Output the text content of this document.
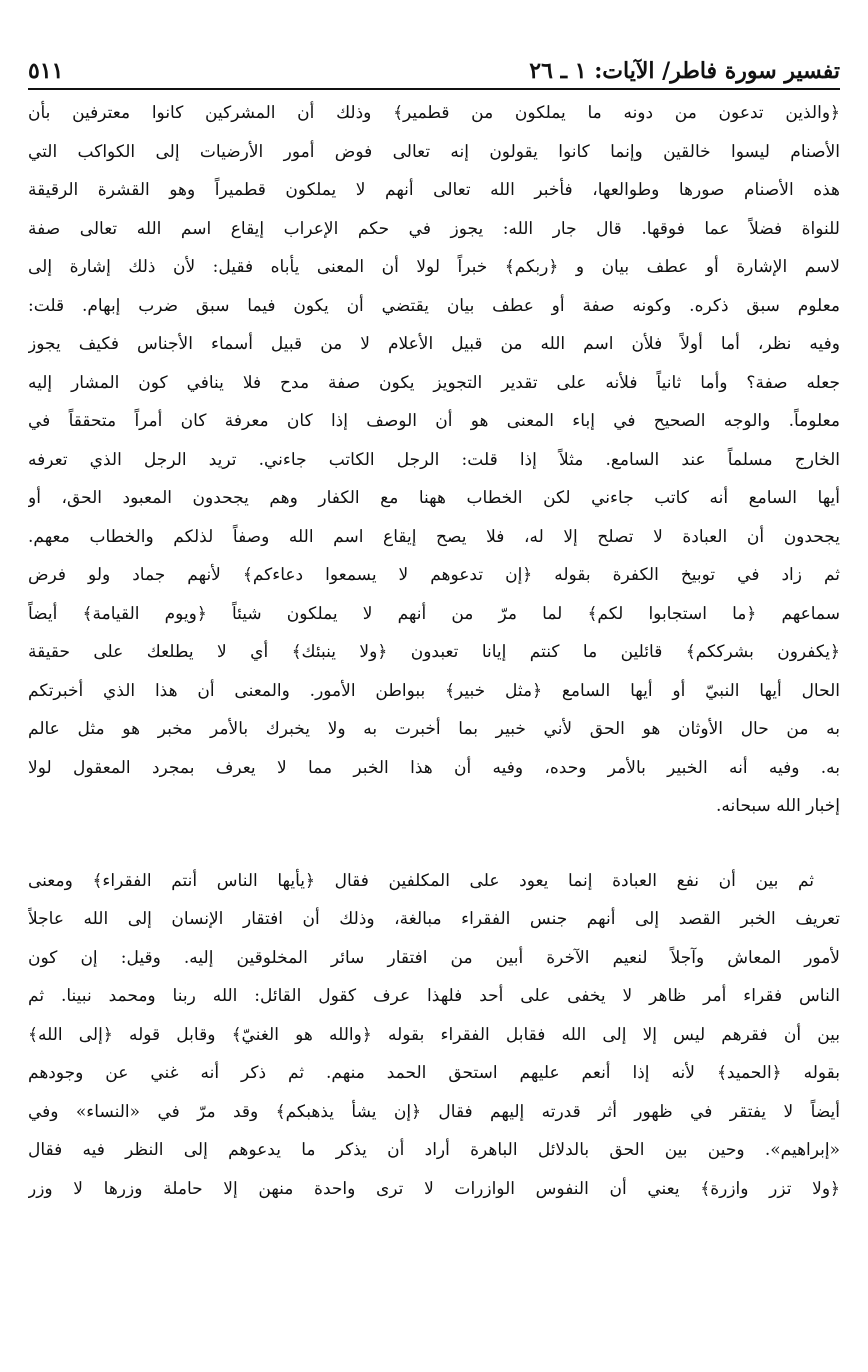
تفسير سورة فاطر/ الآيات: ١ ـ ٢٦
٥١١
﴿والذين تدعون من دونه ما يملكون من قطمير﴾ وذلك أن المشركين كانوا معترفين بأن
الأصنام ليسوا خالقين وإنما كانوا يقولون إنه تعالى فوض أمور الأرضيات إلى الكواكب التي
هذه الأصنام صورها وطوالعها، فأخبر الله تعالى أنهم لا يملكون قطميراً وهو القشرة الرقيقة
للنواة فضلاً عما فوقها. قال جار الله: يجوز في حكم الإعراب إيقاع اسم الله تعالى صفة
لاسم الإشارة أو عطف بيان و ﴿ربكم﴾ خبراً لولا أن المعنى يأباه فقيل: لأن ذلك إشارة إلى
معلوم سبق ذكره. وكونه صفة أو عطف بيان يقتضي أن يكون فيما سبق ضرب إبهام. قلت:
وفيه نظر، أما أولاً فلأن اسم الله من قبيل الأعلام لا من قبيل أسماء الأجناس فكيف يجوز
جعله صفة؟ وأما ثانياً فلأنه على تقدير التجويز يكون صفة مدح فلا ينافي كون المشار إليه
معلوماً. والوجه الصحيح في إباء المعنى هو أن الوصف إذا كان معرفة كان أمراً متحققاً في
الخارج مسلماً عند السامع. مثلاً إذا قلت: الرجل الكاتب جاءني. تريد الرجل الذي تعرفه
أيها السامع أنه كاتب جاءني لكن الخطاب ههنا مع الكفار وهم يجحدون المعبود الحق، أو
يجحدون أن العبادة لا تصلح إلا له، فلا يصح إيقاع اسم الله وصفاً لذلكم والخطاب معهم.
ثم زاد في توبيخ الكفرة بقوله ﴿إن تدعوهم لا يسمعوا دعاءكم﴾ لأنهم جماد ولو فرض
سماعهم ﴿ما استجابوا لكم﴾ لما مرّ من أنهم لا يملكون شيئاً ﴿ويوم القيامة﴾ أيضاً
﴿يكفرون بشرككم﴾ قائلين ما كنتم إيانا تعبدون ﴿ولا ينبئك﴾ أي لا يطلعك على حقيقة
الحال أيها النبيّ أو أيها السامع ﴿مثل خبير﴾ ببواطن الأمور. والمعنى أن هذا الذي أخبرتكم
به من حال الأوثان هو الحق لأني خبير بما أخبرت به ولا يخبرك بالأمر مخبر هو مثل عالم
به. وفيه أنه الخبير بالأمر وحده، وفيه أن هذا الخبر مما لا يعرف بمجرد المعقول لولا
إخبار الله سبحانه.
ثم بين أن نفع العبادة إنما يعود على المكلفين فقال ﴿يأيها الناس أنتم الفقراء﴾ ومعنى
تعريف الخبر القصد إلى أنهم جنس الفقراء مبالغة، وذلك أن افتقار الإنسان إلى الله عاجلاً
لأمور المعاش وآجلاً لنعيم الآخرة أبين من افتقار سائر المخلوقين إليه. وقيل: إن كون
الناس فقراء أمر ظاهر لا يخفى على أحد فلهذا عرف كقول القائل: الله ربنا ومحمد نبينا. ثم
بين أن فقرهم ليس إلا إلى الله فقابل الفقراء بقوله ﴿والله هو الغنيّ﴾ وقابل قوله ﴿إلى الله﴾
بقوله ﴿الحميد﴾ لأنه إذا أنعم عليهم استحق الحمد منهم. ثم ذكر أنه غني عن وجودهم
أيضاً لا يفتقر في ظهور أثر قدرته إليهم فقال ﴿إن يشأ يذهبكم﴾ وقد مرّ في «النساء» وفي
«إبراهيم». وحين بين الحق بالدلائل الباهرة أراد أن يذكر ما يدعوهم إلى النظر فيه فقال
﴿ولا تزر وازرة﴾ يعني أن النفوس الوازرات لا ترى واحدة منهن إلا حاملة وزرها لا وزر
